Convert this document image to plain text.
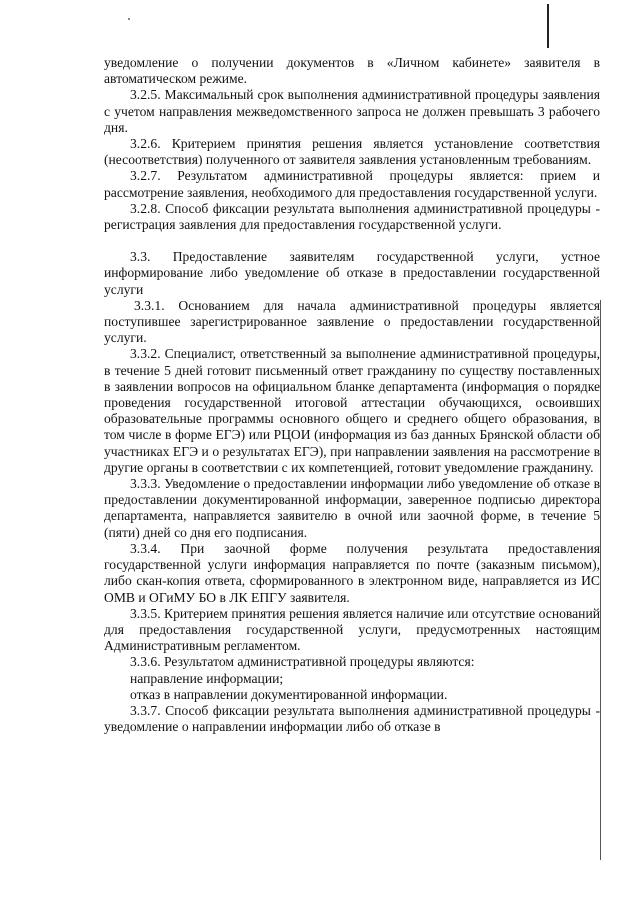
уведомление о получении документов в «Личном кабинете» заявителя в автоматическом режиме.

3.2.5. Максимальный срок выполнения административной процедуры заявления с учетом направления межведомственного запроса не должен превышать 3 рабочего дня.

3.2.6. Критерием принятия решения является установление соответствия (несоответствия) полученного от заявителя заявления установленным требованиям.

3.2.7. Результатом административной процедуры является: прием и рассмотрение заявления, необходимого для предоставления государственной услуги.

3.2.8. Способ фиксации результата выполнения административной процедуры - регистрация заявления для предоставления государственной услуги.

3.3. Предоставление заявителям государственной услуги, устное информирование либо уведомление об отказе в предоставлении государственной услуги

3.3.1. Основанием для начала административной процедуры является поступившее зарегистрированное заявление о предоставлении государственной услуги.

3.3.2. Специалист, ответственный за выполнение административной процедуры, в течение 5 дней готовит письменный ответ гражданину по существу поставленных в заявлении вопросов на официальном бланке департамента (информация о порядке проведения государственной итоговой аттестации обучающихся, освоивших образовательные программы основного общего и среднего общего образования, в том числе в форме ЕГЭ) или РЦОИ (информация из баз данных Брянской области об участниках ЕГЭ и о результатах ЕГЭ), при направлении заявления на рассмотрение в другие органы в соответствии с их компетенцией, готовит уведомление гражданину.

3.3.3. Уведомление о предоставлении информации либо уведомление об отказе в предоставлении документированной информации, заверенное подписью директора департамента, направляется заявителю в очной или заочной форме, в течение 5 (пяти) дней со дня его подписания.

3.3.4. При заочной форме получения результата предоставления государственной услуги информация направляется по почте (заказным письмом), либо скан-копия ответа, сформированного в электронном виде, направляется из ИС ОМВ и ОГиМУ БО в ЛК ЕПГУ заявителя.

3.3.5. Критерием принятия решения является наличие или отсутствие оснований для предоставления государственной услуги, предусмотренных настоящим Административным регламентом.

3.3.6. Результатом административной процедуры являются:

направление информации;

отказ в направлении документированной информации.

3.3.7. Способ фиксации результата выполнения административной процедуры - уведомление о направлении информации либо об отказе в
